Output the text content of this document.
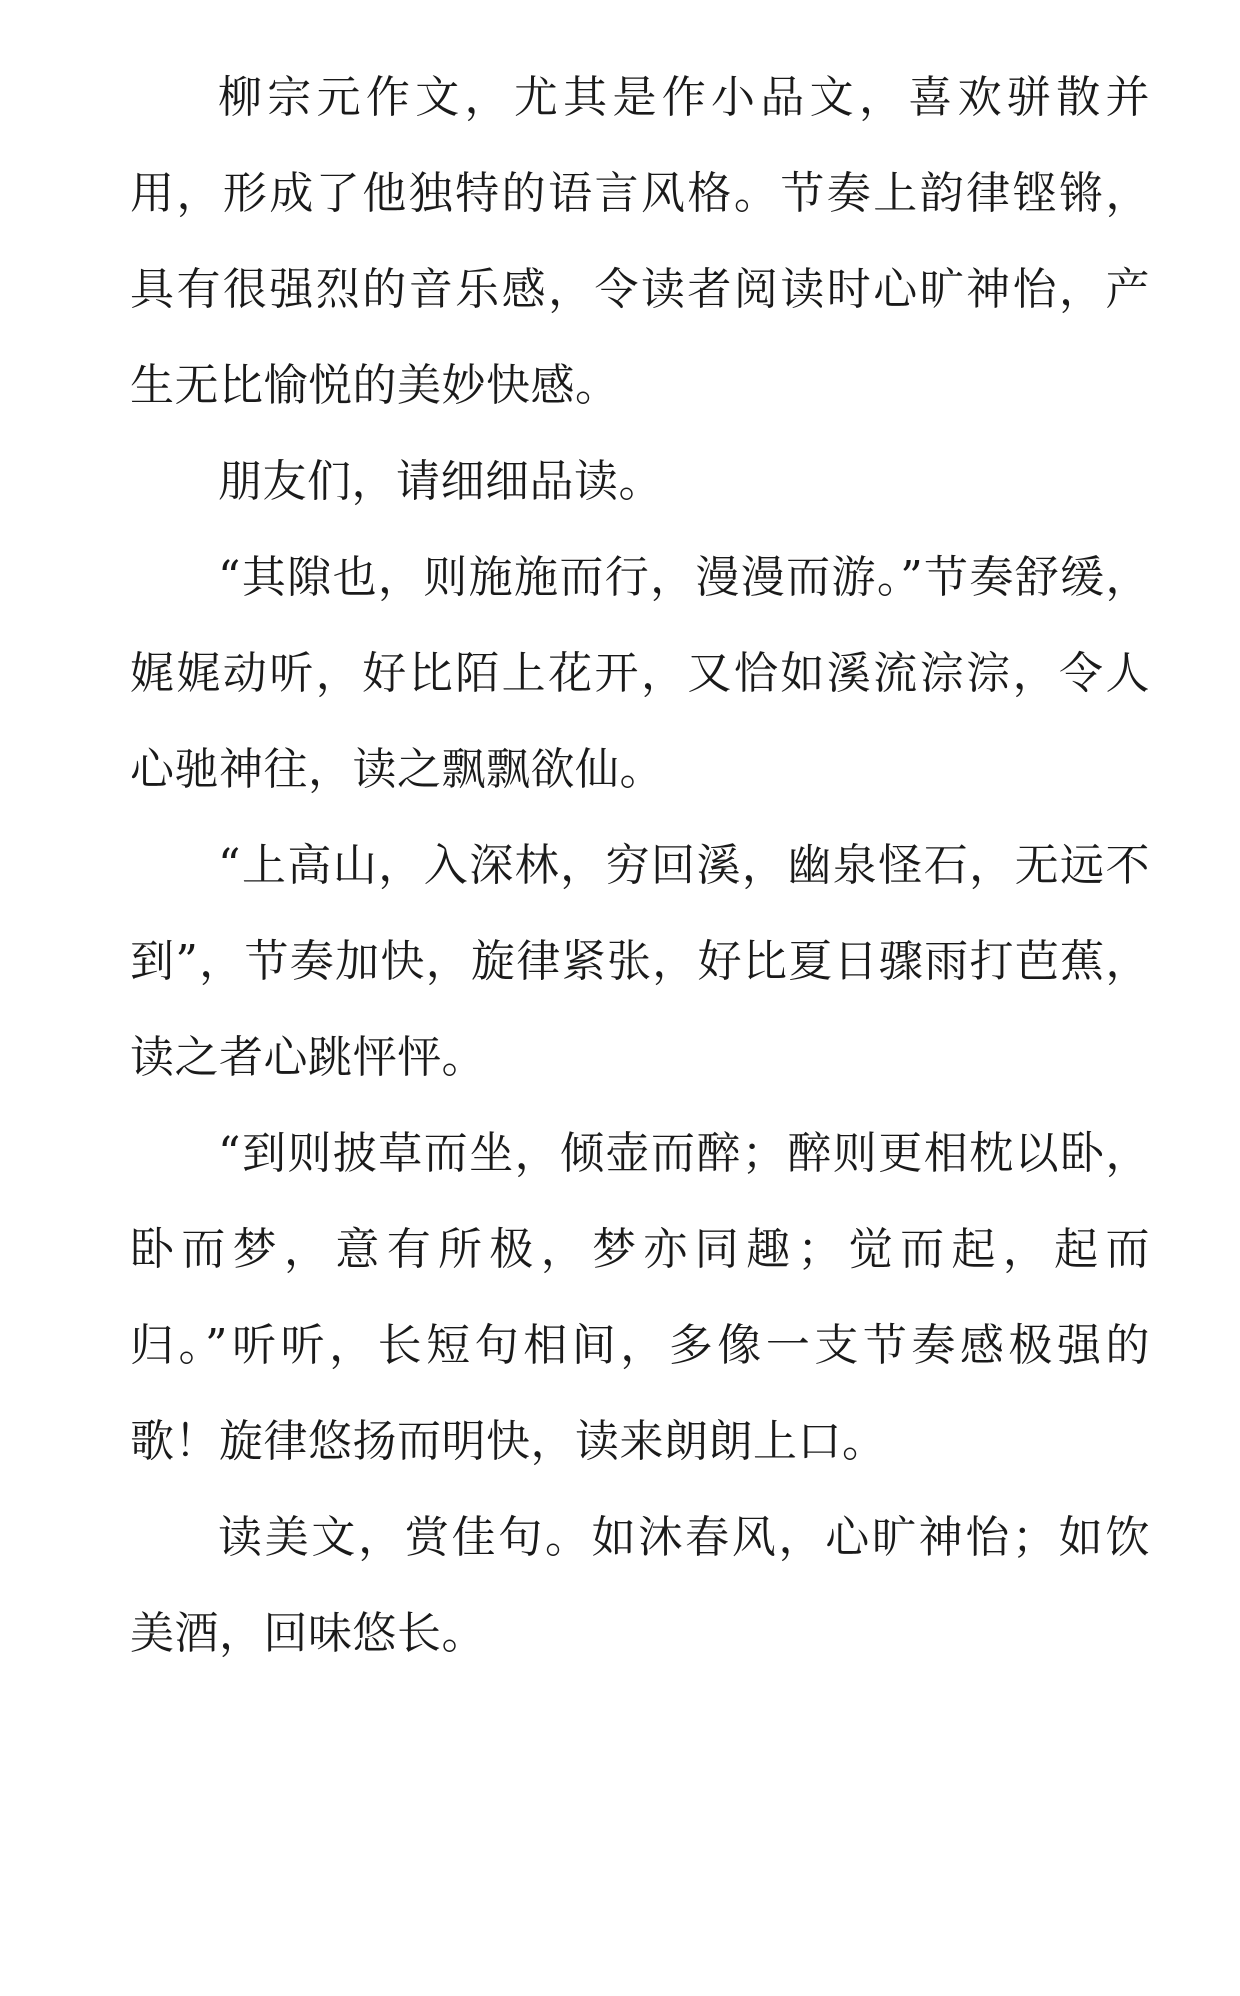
柳宗元作文，尤其是作小品文，喜欢骈散并用，形成了他独特的语言风格。节奏上韵律铿锵，具有很强烈的音乐感，令读者阅读时心旷神怡，产生无比愉悦的美妙快感。

朋友们，请细细品读。

“其隙也，则施施而行，漫漫而游。”节奏舒缓，娓娓动听，好比陌上花开，又恰如溪流淙淙，令人心驰神往，读之飘飘欲仙。

“上高山，入深林，穷回溪，幽泉怪石，无远不到”，节奏加快，旋律紧张，好比夏日骤雨打芭蕉，读之者心跳怦怦。

“到则披草而坐，倾壶而醉；醉则更相枕以卧，卧而梦，意有所极，梦亦同趣；觉而起，起而归。”听听，长短句相间，多像一支节奏感极强的歌！旋律悠扬而明快，读来朗朗上口。

读美文，赏佳句。如沐春风，心旷神怡；如饮美酒，回味悠长。
